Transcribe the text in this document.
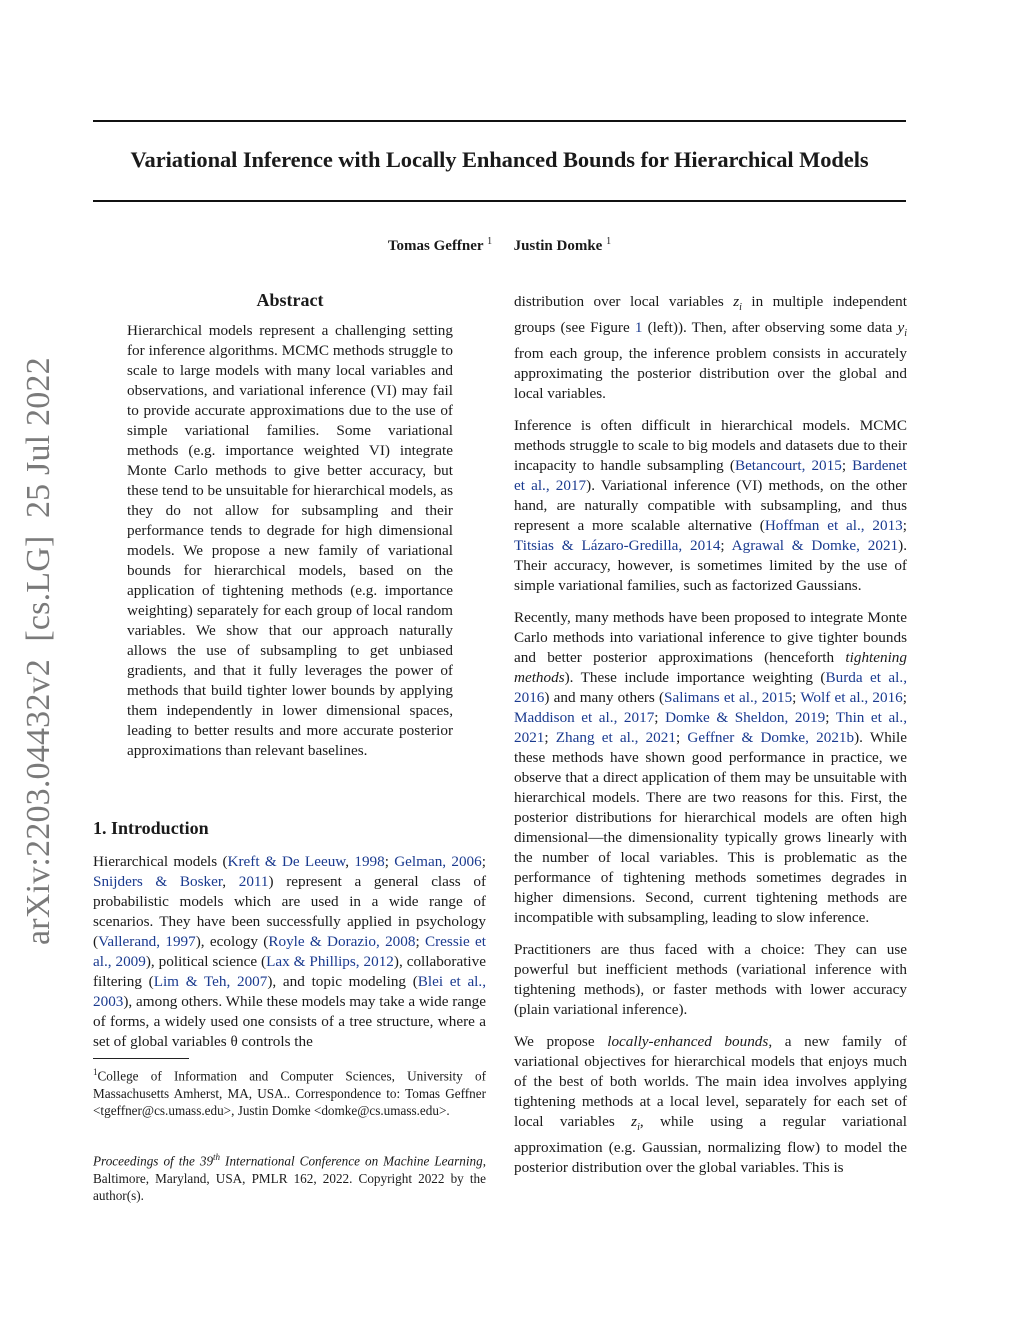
Variational Inference with Locally Enhanced Bounds for Hierarchical Models
Tomas Geffner $^1$ Justin Domke $^1$
arXiv:2203.04432v2  [cs.LG]  25 Jul 2022
Abstract

Hierarchical models represent a challenging setting for inference algorithms. MCMC methods struggle to scale to large models with many local variables and observations, and variational inference (VI) may fail to provide accurate approximations due to the use of simple variational families. Some variational methods (e.g. importance weighted VI) integrate Monte Carlo methods to give better accuracy, but these tend to be unsuitable for hierarchical models, as they do not allow for subsampling and their performance tends to degrade for high dimensional models. We propose a new family of variational bounds for hierarchical models, based on the application of tightening methods (e.g. importance weighting) separately for each group of local random variables. We show that our approach naturally allows the use of subsampling to get unbiased gradients, and that it fully leverages the power of methods that build tighter lower bounds by applying them independently in lower dimensional spaces, leading to better results and more accurate posterior approximations than relevant baselines.

1. Introduction

Hierarchical models (Kreft & De Leeuw, 1998; Gelman, 2006; Snijders & Bosker, 2011) represent a general class of probabilistic models which are used in a wide range of scenarios. They have been successfully applied in psychology (Vallerand, 1997), ecology (Royle & Dorazio, 2008; Cressie et al., 2009), political science (Lax & Phillips, 2012), collaborative filtering (Lim & Teh, 2007), and topic modeling (Blei et al., 2003), among others. While these models may take a wide range of forms, a widely used one consists of a tree structure, where a set of global variables θ controls the

$^1$College of Information and Computer Sciences, University of Massachusetts Amherst, MA, USA.. Correspondence to: Tomas Geffner <tgeffner@cs.umass.edu>, Justin Domke <domke@cs.umass.edu>.
Proceedings of the 39th International Conference on Machine Learning, Baltimore, Maryland, USA, PMLR 162, 2022. Copyright 2022 by the author(s).

distribution over local variables $z_i$ in multiple independent groups (see Figure 1 (left)). Then, after observing some data $y_i$ from each group, the inference problem consists in accurately approximating the posterior distribution over the global and local variables.

Inference is often difficult in hierarchical models. MCMC methods struggle to scale to big models and datasets due to their incapacity to handle subsampling (Betancourt, 2015; Bardenet et al., 2017). Variational inference (VI) methods, on the other hand, are naturally compatible with subsampling, and thus represent a more scalable alternative (Hoffman et al., 2013; Titsias & Lázaro-Gredilla, 2014; Agrawal & Domke, 2021). Their accuracy, however, is sometimes limited by the use of simple variational families, such as factorized Gaussians.

Recently, many methods have been proposed to integrate Monte Carlo methods into variational inference to give tighter bounds and better posterior approximations (henceforth tightening methods). These include importance weighting (Burda et al., 2016) and many others (Salimans et al., 2015; Wolf et al., 2016; Maddison et al., 2017; Domke & Sheldon, 2019; Thin et al., 2021; Zhang et al., 2021; Geffner & Domke, 2021b). While these methods have shown good performance in practice, we observe that a direct application of them may be unsuitable with hierarchical models. There are two reasons for this. First, the posterior distributions for hierarchical models are often high dimensional—the dimensionality typically grows linearly with the number of local variables. This is problematic as the performance of tightening methods sometimes degrades in higher dimensions. Second, current tightening methods are incompatible with subsampling, leading to slow inference.

Practitioners are thus faced with a choice: They can use powerful but inefficient methods (variational inference with tightening methods), or faster methods with lower accuracy (plain variational inference).

We propose locally-enhanced bounds, a new family of variational objectives for hierarchical models that enjoys much of the best of both worlds. The main idea involves applying tightening methods at a local level, separately for each set of local variables $z_i$, while using a regular variational approximation (e.g. Gaussian, normalizing flow) to model the posterior distribution over the global variables. This is
